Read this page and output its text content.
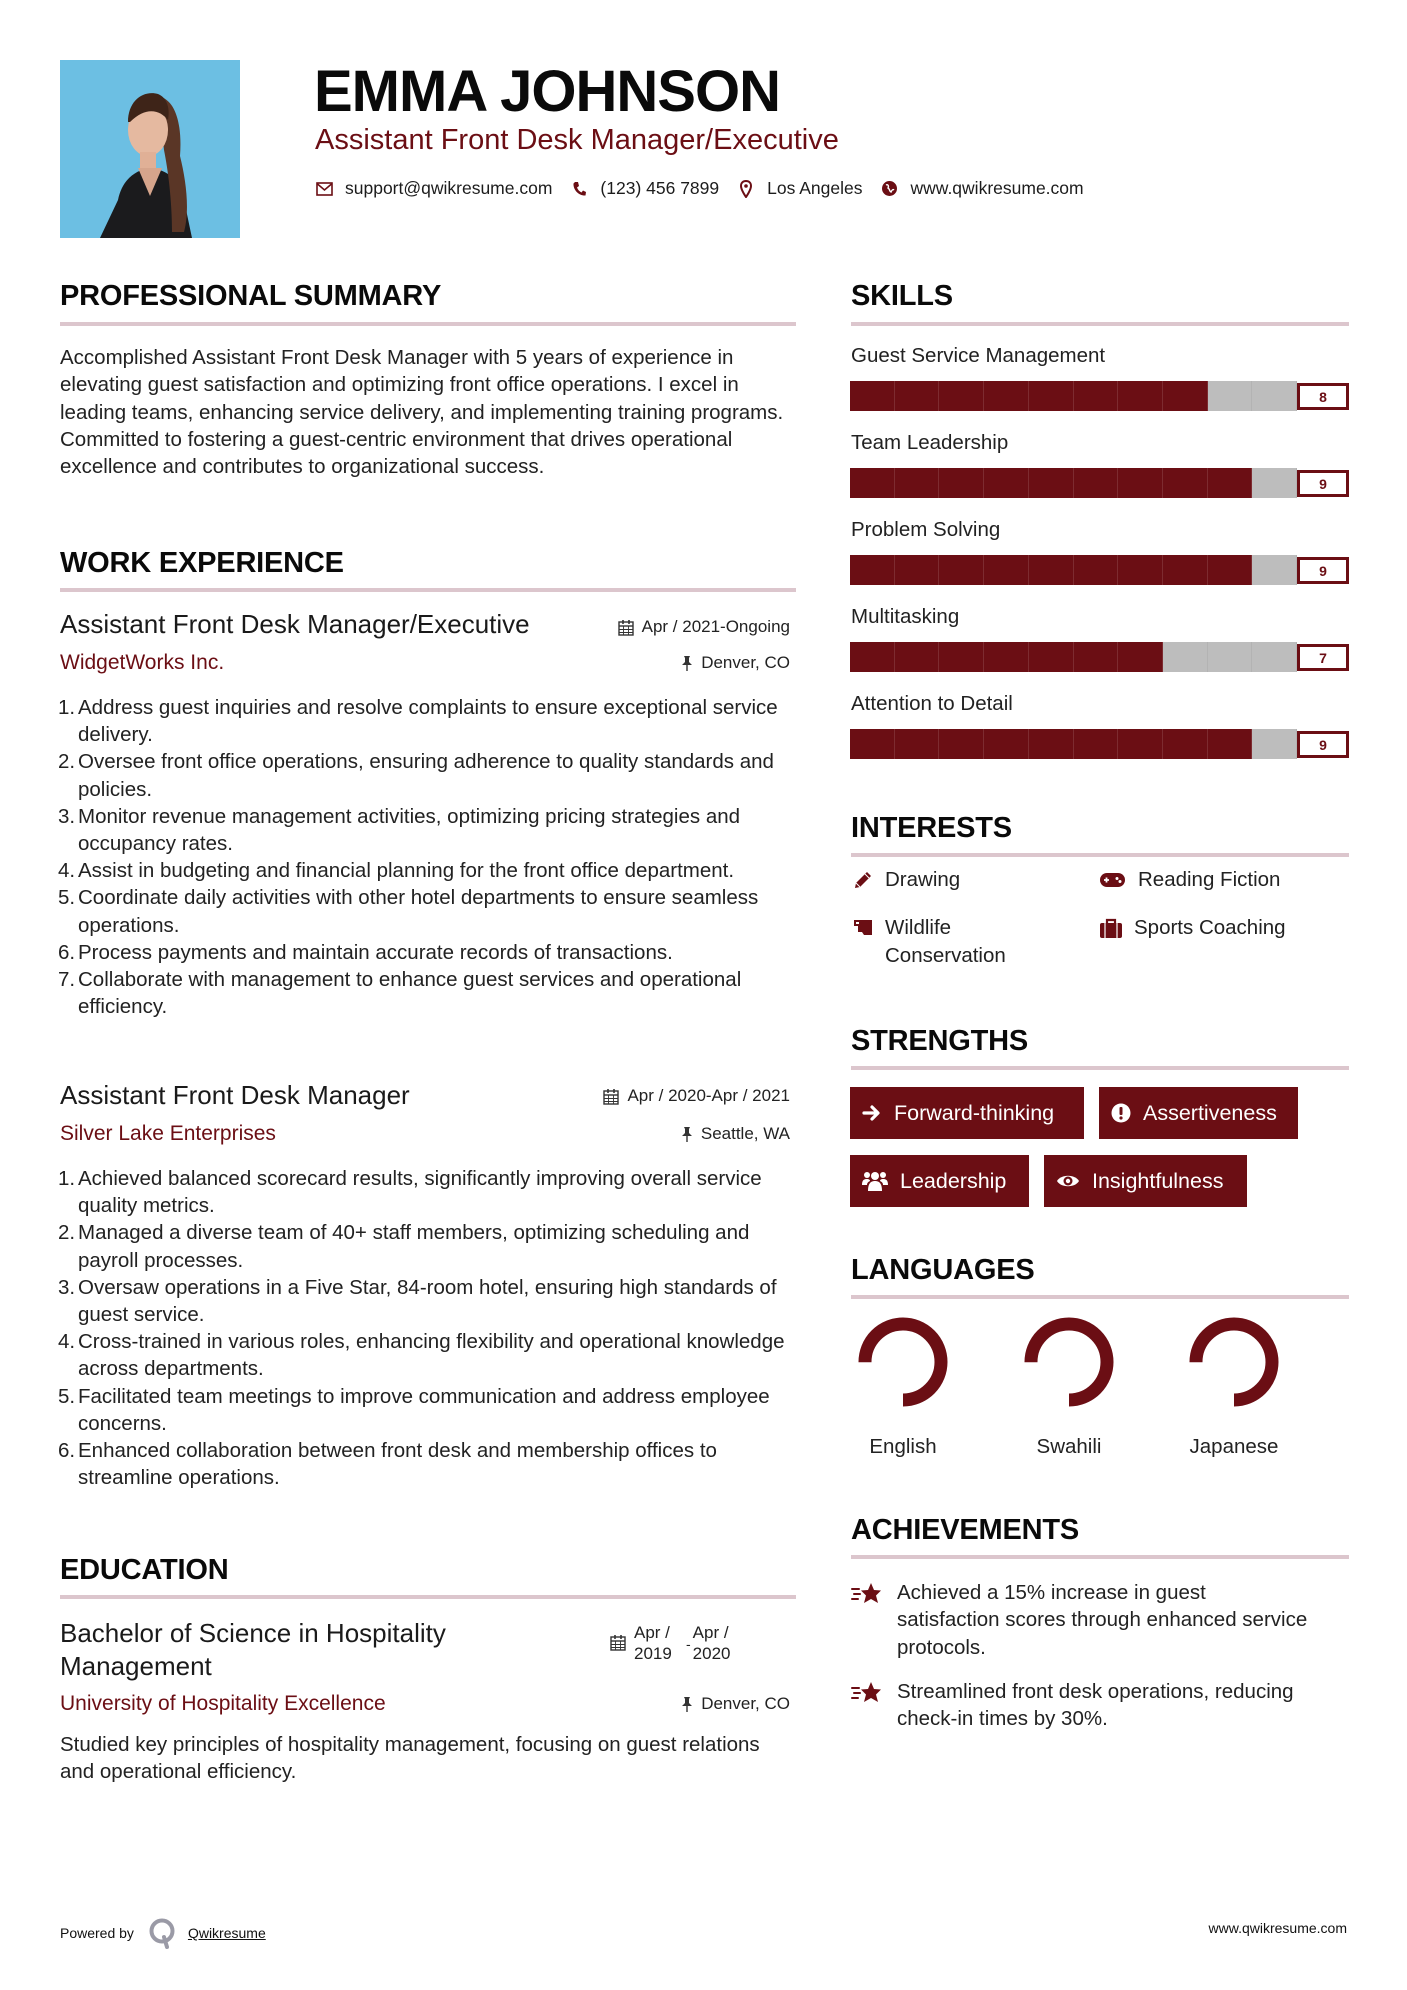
EMMA JOHNSON
Assistant Front Desk Manager/Executive
support@qwikresume.com	(123) 456 7899	Los Angeles	www.qwikresume.com
PROFESSIONAL SUMMARY
Accomplished Assistant Front Desk Manager with 5 years of experience in elevating guest satisfaction and optimizing front office operations. I excel in leading teams, enhancing service delivery, and implementing training programs. Committed to fostering a guest-centric environment that drives operational excellence and contributes to organizational success.
WORK EXPERIENCE
Assistant Front Desk Manager/Executive	Apr / 2021-Ongoing
WidgetWorks Inc.	Denver, CO
1. Address guest inquiries and resolve complaints to ensure exceptional service delivery.
2. Oversee front office operations, ensuring adherence to quality standards and policies.
3. Monitor revenue management activities, optimizing pricing strategies and occupancy rates.
4. Assist in budgeting and financial planning for the front office department.
5. Coordinate daily activities with other hotel departments to ensure seamless operations.
6. Process payments and maintain accurate records of transactions.
7. Collaborate with management to enhance guest services and operational efficiency.
Assistant Front Desk Manager	Apr / 2020-Apr / 2021
Silver Lake Enterprises	Seattle, WA
1. Achieved balanced scorecard results, significantly improving overall service quality metrics.
2. Managed a diverse team of 40+ staff members, optimizing scheduling and payroll processes.
3. Oversaw operations in a Five Star, 84-room hotel, ensuring high standards of guest service.
4. Cross-trained in various roles, enhancing flexibility and operational knowledge across departments.
5. Facilitated team meetings to improve communication and address employee concerns.
6. Enhanced collaboration between front desk and membership offices to streamline operations.
EDUCATION
Bachelor of Science in Hospitality Management
Apr /
2019	-
Apr /
2020
University of Hospitality Excellence	Denver, CO
Studied key principles of hospitality management, focusing on guest relations and operational efficiency.
SKILLS
Guest Service Management
8
Team Leadership
9
Problem Solving
9
Multitasking
7
Attention to Detail
9
INTERESTS
Drawing	Reading Fiction
Wildlife Conservation
Sports Coaching
STRENGTHS
Forward-thinking	Assertiveness
Leadership	Insightfulness
LANGUAGES
English	Swahili	Japanese
ACHIEVEMENTS
Achieved a 15% increase in guest satisfaction scores through enhanced service protocols.
Streamlined front desk operations, reducing check-in times by 30%.
Powered by	Qwikresume	www.qwikresume.com
